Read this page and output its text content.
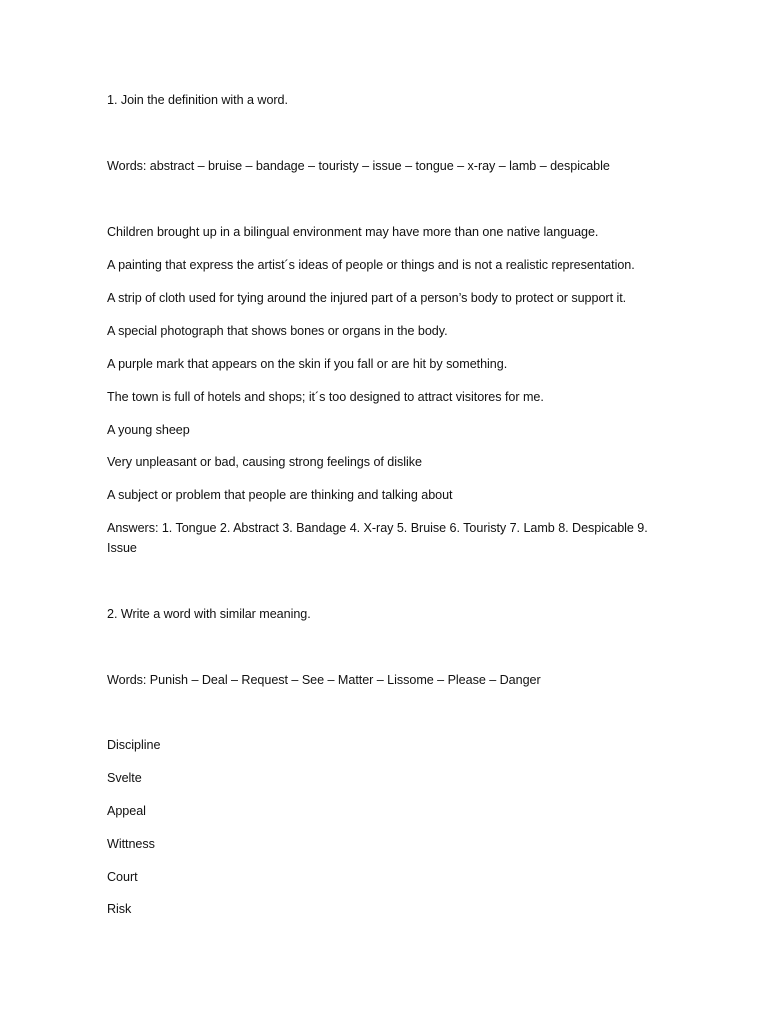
1. Join the definition with a word.
Words: abstract – bruise – bandage – touristy – issue – tongue – x-ray – lamb – despicable
Children brought up in a bilingual environment may have more than one native language.
A painting that express the artist´s ideas of people or things and is not a realistic representation.
A strip of cloth used for tying around the injured part of a person’s body to protect or support it.
A special photograph that shows bones or organs in the body.
A purple mark that appears on the skin if you fall or are hit by something.
The town is full of hotels and shops; it´s too designed to attract visitores for me.
A young sheep
Very unpleasant or bad, causing strong feelings of dislike
A subject or problem that people are thinking and talking about
Answers: 1. Tongue 2. Abstract 3. Bandage 4. X-ray 5. Bruise 6. Touristy 7. Lamb 8. Despicable 9. Issue
2. Write a word with similar meaning.
Words: Punish – Deal – Request – See – Matter – Lissome – Please – Danger
Discipline
Svelte
Appeal
Wittness
Court
Risk
